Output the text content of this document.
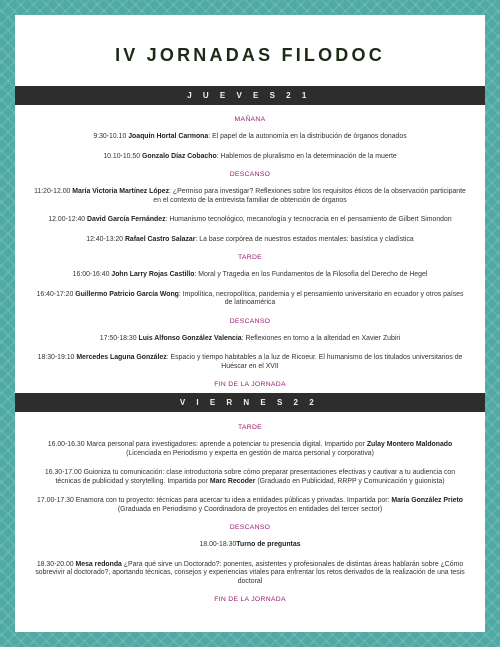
IV JORNADAS FILODOC
J U E V E S 2 1

MAÑANA

9:30-10.10 Joaquín Hortal Carmona: El papel de la autonomía en la distribución de órganos donados

10.10-10.50 Gonzalo Díaz Cobacho: Hablemos de pluralismo en la determinación de la muerte

DESCANSO

11:20-12.00 María Victoria Martínez López: ¿Permiso para investigar? Reflexiones sobre los requisitos éticos de la observación participante en el contexto de la entrevista familiar de obtención de órganos

12.00-12:40 David García Fernández: Humanismo tecnológico, mecanología y tecnocracia en el pensamiento de Gilbert Simondon

12:40-13:20 Rafael Castro Salazar: La base corpórea de nuestros estados mentales: basística y cladística

TARDE

16:00-16:40 John Larry Rojas Castillo: Moral y Tragedia en los Fundamentos de la Filosofía del Derecho de Hegel

16:40-17:20 Guillermo Patricio García Wong: Impolítica, necropolítica, pandemia y el pensamiento universitario en ecuador y otros países de latinoamérica

DESCANSO

17:50-18:30 Luis Alfonso González Valencia: Reflexiones en torno a la alteridad en Xavier Zubiri

18:30-19:10 Mercedes Laguna González: Espacio y tiempo habitables a la luz de Ricoeur. El humanismo de los titulados universitarios de Huéscar en el XVII

FIN DE LA JORNADA

V I E R N E S 2 2

TARDE

16.00-16.30 Marca personal para investigadores: aprende a potenciar tu presencia digital. Impartido por Zulay Montero Maldonado (Licenciada en Periodismo y experta en gestión de marca personal y corporativa)

16.30-17.00 Guioniza tu comunicación: clase introductoria sobre cómo preparar presentaciones efectivas y cautivar a tu audiencia con técnicas de publicidad y storytelling. Impartida por Marc Recoder (Graduado en Publicidad, RRPP y Comunicación y guionista)

17.00-17.30 Enamora con tu proyecto: técnicas para acercar tu idea a entidades públicas y privadas. Impartida por: María González Prieto (Graduada en Periodismo y Coordinadora de proyectos en entidades del tercer sector)

DESCANSO

18.00-18.30Turno de preguntas

18.30-20.00 Mesa redonda ¿Para qué sirve un Doctorado?: ponentes, asistentes y profesionales de distintas áreas hablarán sobre ¿Cómo sobrevivir al doctorado?, aportando técnicas, consejos y experiencias vitales para enfrentar los retos derivados de la realización de una tesis doctoral

FIN DE LA JORNADA
